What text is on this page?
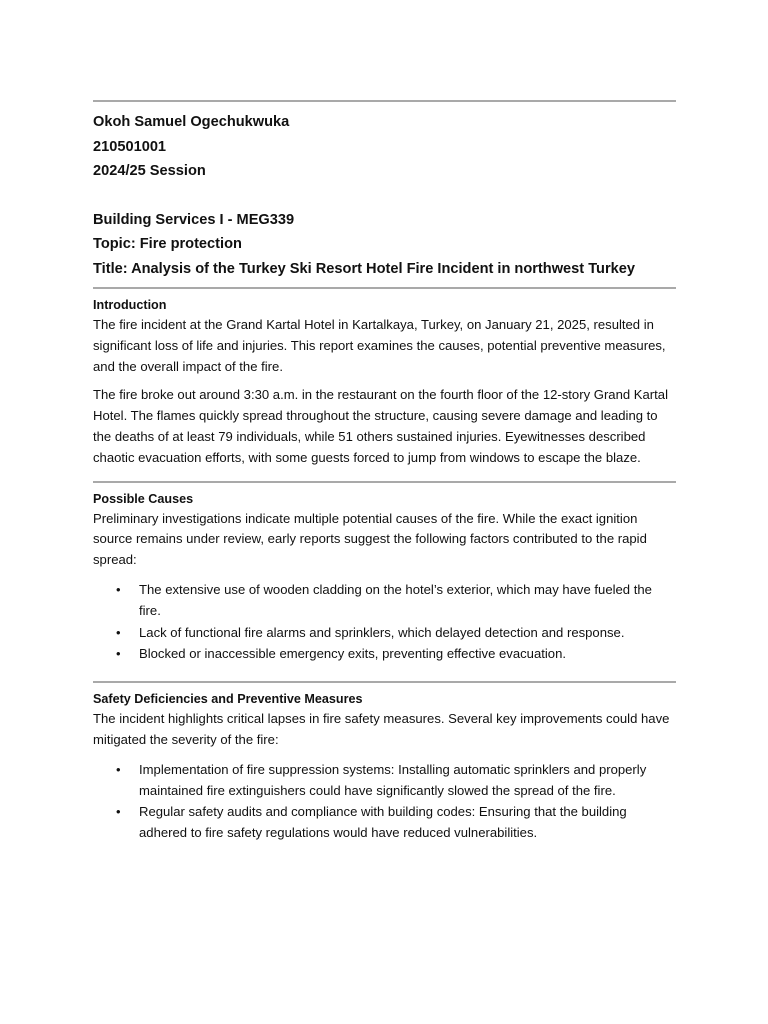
Okoh Samuel Ogechukwuka
210501001
2024/25 Session
Building Services I - MEG339
Topic: Fire protection
Title: Analysis of the Turkey Ski Resort Hotel Fire Incident in northwest Turkey
Introduction

The fire incident at the Grand Kartal Hotel in Kartalkaya, Turkey, on January 21, 2025, resulted in significant loss of life and injuries. This report examines the causes, potential preventive measures, and the overall impact of the fire.

The fire broke out around 3:30 a.m. in the restaurant on the fourth floor of the 12-story Grand Kartal Hotel. The flames quickly spread throughout the structure, causing severe damage and leading to the deaths of at least 79 individuals, while 51 others sustained injuries. Eyewitnesses described chaotic evacuation efforts, with some guests forced to jump from windows to escape the blaze.

Possible Causes

Preliminary investigations indicate multiple potential causes of the fire. While the exact ignition source remains under review, early reports suggest the following factors contributed to the rapid spread:

• The extensive use of wooden cladding on the hotel’s exterior, which may have fueled the fire.
• Lack of functional fire alarms and sprinklers, which delayed detection and response.
• Blocked or inaccessible emergency exits, preventing effective evacuation.
Safety Deficiencies and Preventive Measures

The incident highlights critical lapses in fire safety measures. Several key improvements could have mitigated the severity of the fire:

• Implementation of fire suppression systems: Installing automatic sprinklers and properly maintained fire extinguishers could have significantly slowed the spread of the fire.
• Regular safety audits and compliance with building codes: Ensuring that the building adhered to fire safety regulations would have reduced vulnerabilities.
